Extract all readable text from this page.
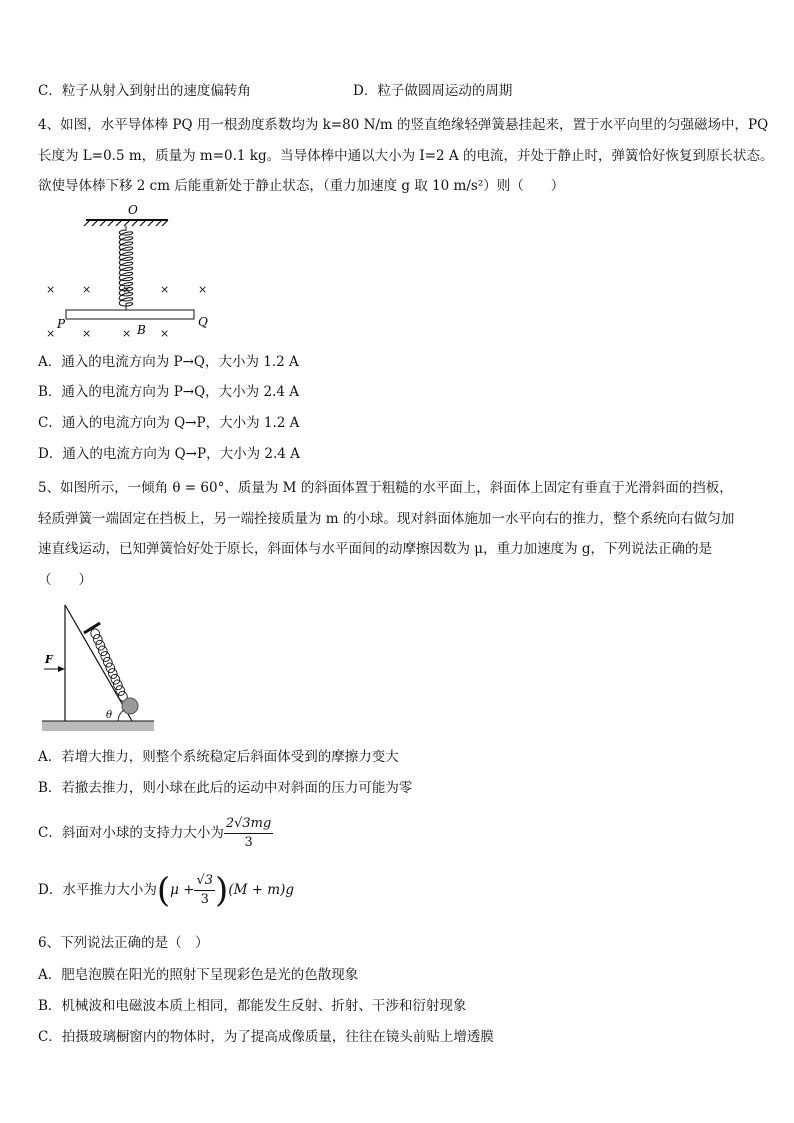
C．粒子从射入到射出的速度偏转角	D．粒子做圆周运动的周期
4、如图，水平导体棒 PQ 用一根劲度系数均为 k=80 N/m 的竖直绝缘轻弹簧悬挂起来，置于水平向里的匀强磁场中，PQ
长度为 L=0.5 m，质量为 m=0.1 kg。当导体棒中通以大小为 I=2 A 的电流，并处于静止时，弹簧恰好恢复到原长状态。
欲使导体棒下移 2 cm 后能重新处于静止状态，（重力加速度 g 取 10 m/s²）则（　　）
O
× ×	×	×	×
× ×	×	×
P	Q
B
A．通入的电流方向为 P→Q，大小为 1.2 A
B．通入的电流方向为 P→Q，大小为 2.4 A
C．通入的电流方向为 Q→P，大小为 1.2 A
D．通入的电流方向为 Q→P，大小为 2.4 A
5、如图所示，一倾角 θ = 60°、质量为 M 的斜面体置于粗糙的水平面上，斜面体上固定有垂直于光滑斜面的挡板，
轻质弹簧一端固定在挡板上，另一端拴接质量为 m 的小球。现对斜面体施加一水平向右的推力，整个系统向右做匀加
速直线运动，已知弹簧恰好处于原长，斜面体与水平面间的动摩擦因数为 μ，重力加速度为 g，下列说法正确的是
（　　）
θ
F
A．若增大推力，则整个系统稳定后斜面体受到的摩擦力变大
B．若撤去推力，则小球在此后的运动中对斜面的压力可能为零
C．斜面对小球的支持力大小为 $\frac{2√3mg}{3}$
D．水平推力大小为$(\mu + \frac{√3}{3} )(M + m)g$
6、下列说法正确的是（　）
A．肥皂泡膜在阳光的照射下呈现彩色是光的色散现象
B．机械波和电磁波本质上相同，都能发生反射、折射、干涉和衍射现象
C．拍摄玻璃橱窗内的物体时，为了提高成像质量，往往在镜头前贴上增透膜
